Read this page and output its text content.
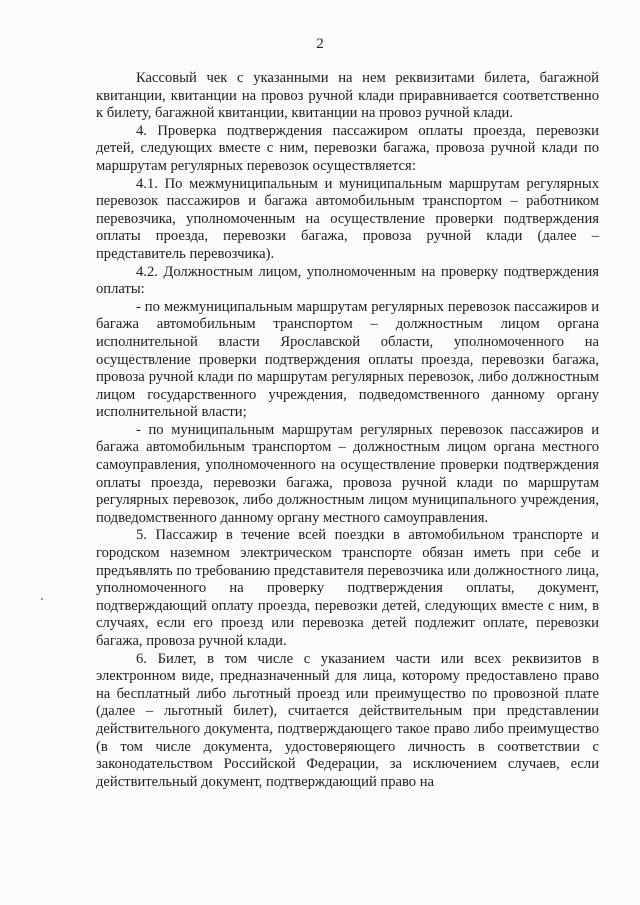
2

Кассовый чек с указанными на нем реквизитами билета, багажной квитанции, квитанции на провоз ручной клади приравнивается соответственно к билету, багажной квитанции, квитанции на провоз ручной клади.

4. Проверка подтверждения пассажиром оплаты проезда, перевозки детей, следующих вместе с ним, перевозки багажа, провоза ручной клади по маршрутам регулярных перевозок осуществляется:

4.1. По межмуниципальным и муниципальным маршрутам регулярных перевозок пассажиров и багажа автомобильным транспортом – работником перевозчика, уполномоченным на осуществление проверки подтверждения оплаты проезда, перевозки багажа, провоза ручной клади (далее – представитель перевозчика).

4.2. Должностным лицом, уполномоченным на проверку подтверждения оплаты:

- по межмуниципальным маршрутам регулярных перевозок пассажиров и багажа автомобильным транспортом – должностным лицом органа исполнительной власти Ярославской области, уполномоченного на осуществление проверки подтверждения оплаты проезда, перевозки багажа, провоза ручной клади по маршрутам регулярных перевозок, либо должностным лицом государственного учреждения, подведомственного данному органу исполнительной власти;

- по муниципальным маршрутам регулярных перевозок пассажиров и багажа автомобильным транспортом – должностным лицом органа местного самоуправления, уполномоченного на осуществление проверки подтверждения оплаты проезда, перевозки багажа, провоза ручной клади по маршрутам регулярных перевозок, либо должностным лицом муниципального учреждения, подведомственного данному органу местного самоуправления.

5. Пассажир в течение всей поездки в автомобильном транспорте и городском наземном электрическом транспорте обязан иметь при себе и предъявлять по требованию представителя перевозчика или должностного лица, уполномоченного на проверку подтверждения оплаты, документ, подтверждающий оплату проезда, перевозки детей, следующих вместе с ним, в случаях, если его проезд или перевозка детей подлежит оплате, перевозки багажа, провоза ручной клади.

6. Билет, в том числе с указанием части или всех реквизитов в электронном виде, предназначенный для лица, которому предоставлено право на бесплатный либо льготный проезд или преимущество по провозной плате (далее – льготный билет), считается действительным при представлении действительного документа, подтверждающего такое право либо преимущество (в том числе документа, удостоверяющего личность в соответствии с законодательством Российской Федерации, за исключением случаев, если действительный документ, подтверждающий право на
